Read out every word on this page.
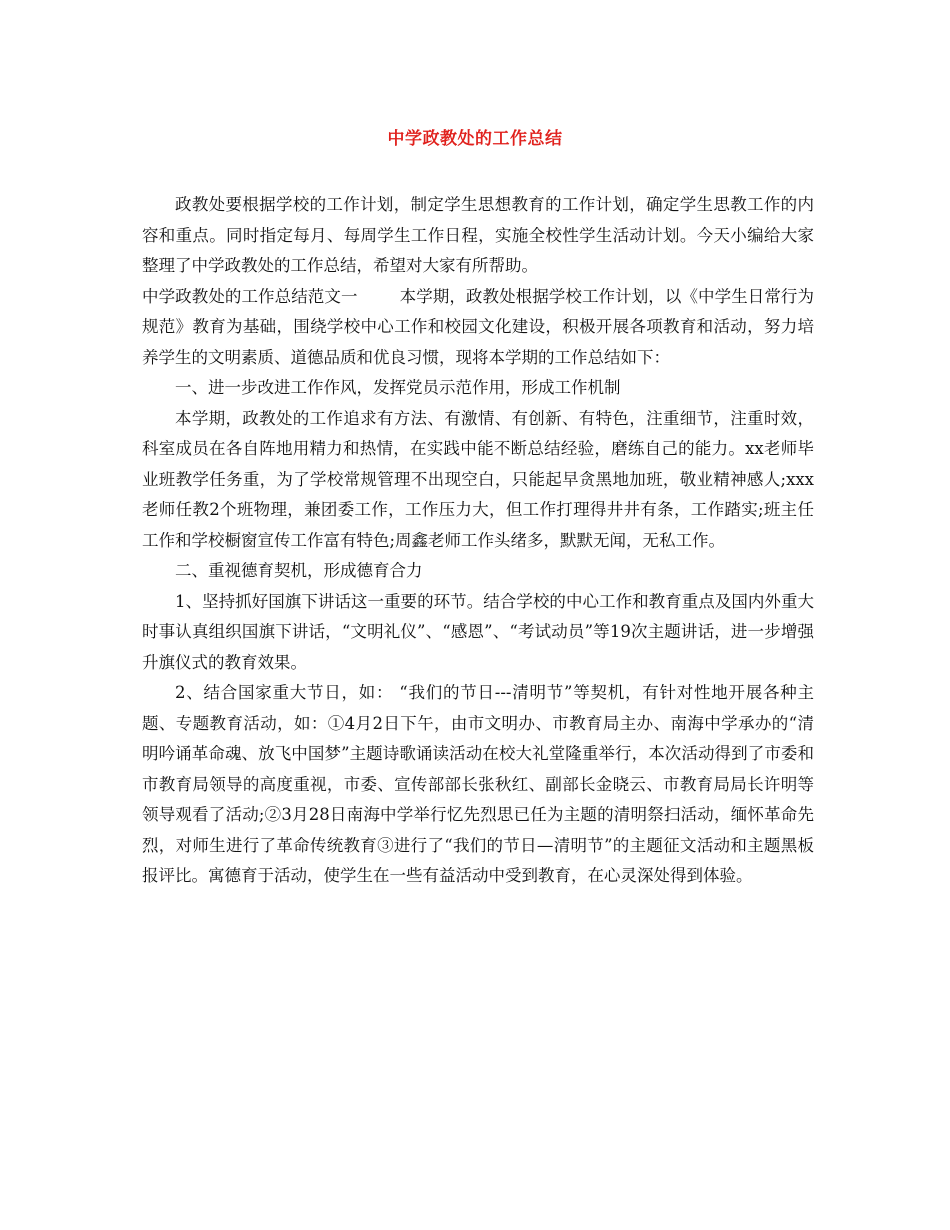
中学政教处的工作总结

政教处要根据学校的工作计划，制定学生思想教育的工作计划，确定学生思教工作的内容和重点。同时指定每月、每周学生工作日程，实施全校性学生活动计划。今天小编给大家整理了中学政教处的工作总结，希望对大家有所帮助。

中学政教处的工作总结范文一	本学期，政教处根据学校工作计划，以《中学生日常行为规范》教育为基础，围绕学校中心工作和校园文化建设，积极开展各项教育和活动，努力培养学生的文明素质、道德品质和优良习惯，现将本学期的工作总结如下：

一、进一步改进工作作风，发挥党员示范作用，形成工作机制

本学期，政教处的工作追求有方法、有激情、有创新、有特色，注重细节，注重时效，科室成员在各自阵地用精力和热情，在实践中能不断总结经验，磨练自己的能力。xx老师毕业班教学任务重，为了学校常规管理不出现空白，只能起早贪黑地加班，敬业精神感人;xxx老师任教2个班物理，兼团委工作，工作压力大，但工作打理得井井有条，工作踏实;班主任工作和学校橱窗宣传工作富有特色;周鑫老师工作头绪多，默默无闻，无私工作。

二、重视德育契机，形成德育合力

1、坚持抓好国旗下讲话这一重要的环节。结合学校的中心工作和教育重点及国内外重大时事认真组织国旗下讲话，“文明礼仪”、“感恩”、“考试动员”等19次主题讲话，进一步增强升旗仪式的教育效果。

2、结合国家重大节日，如： “我们的节日---清明节”等契机，有针对性地开展各种主题、专题教育活动，如：①4月2日下午，由市文明办、市教育局主办、南海中学承办的“清明吟诵革命魂、放飞中国梦”主题诗歌诵读活动在校大礼堂隆重举行，本次活动得到了市委和市教育局领导的高度重视，市委、宣传部部长张秋红、副部长金晓云、市教育局局长许明等领导观看了活动;②3月28日南海中学举行忆先烈思已任为主题的清明祭扫活动，缅怀革命先烈，对师生进行了革命传统教育③进行了“我们的节日—清明节”的主题征文活动和主题黑板报评比。寓德育于活动，使学生在一些有益活动中受到教育，在心灵深处得到体验。
